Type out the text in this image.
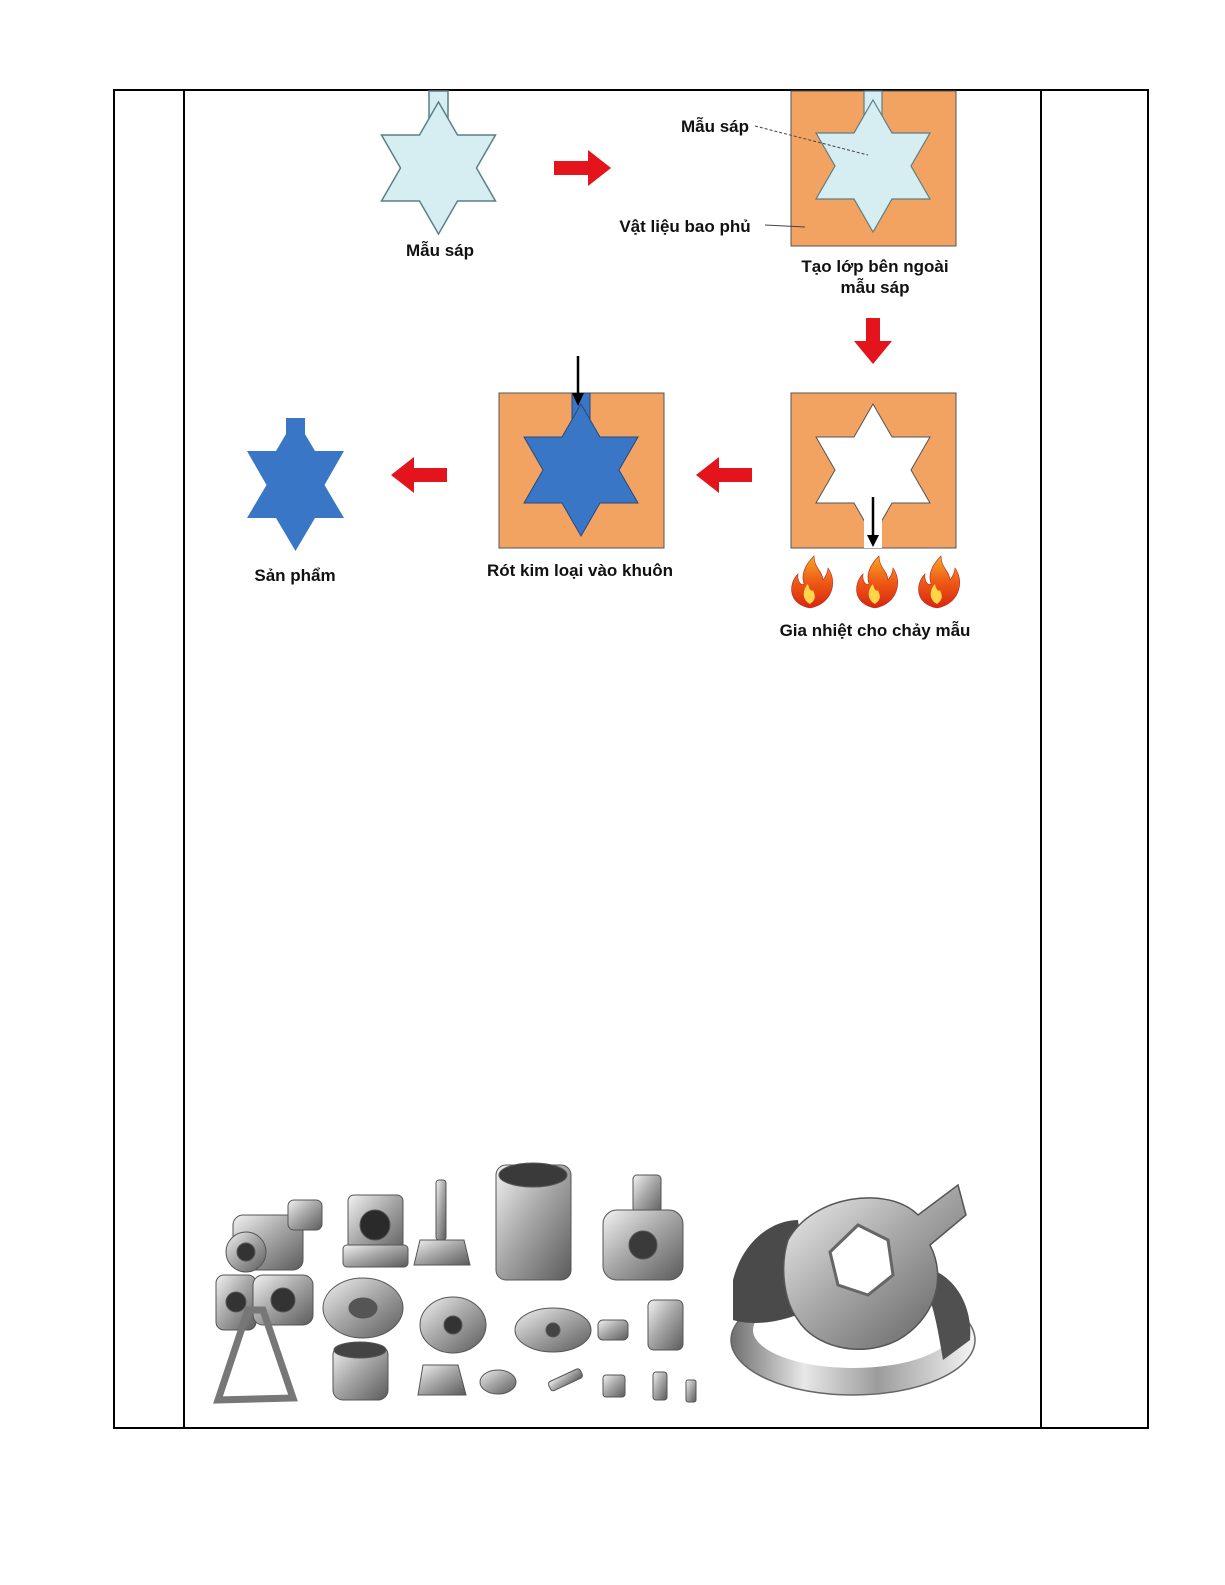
Mẫu sáp
Mẫu sáp
Vật liệu bao phủ
Tạo lớp bên ngoài
mẫu sáp
Gia nhiệt cho chảy mẫu
Rót kim loại vào khuôn
Sản phẩm
